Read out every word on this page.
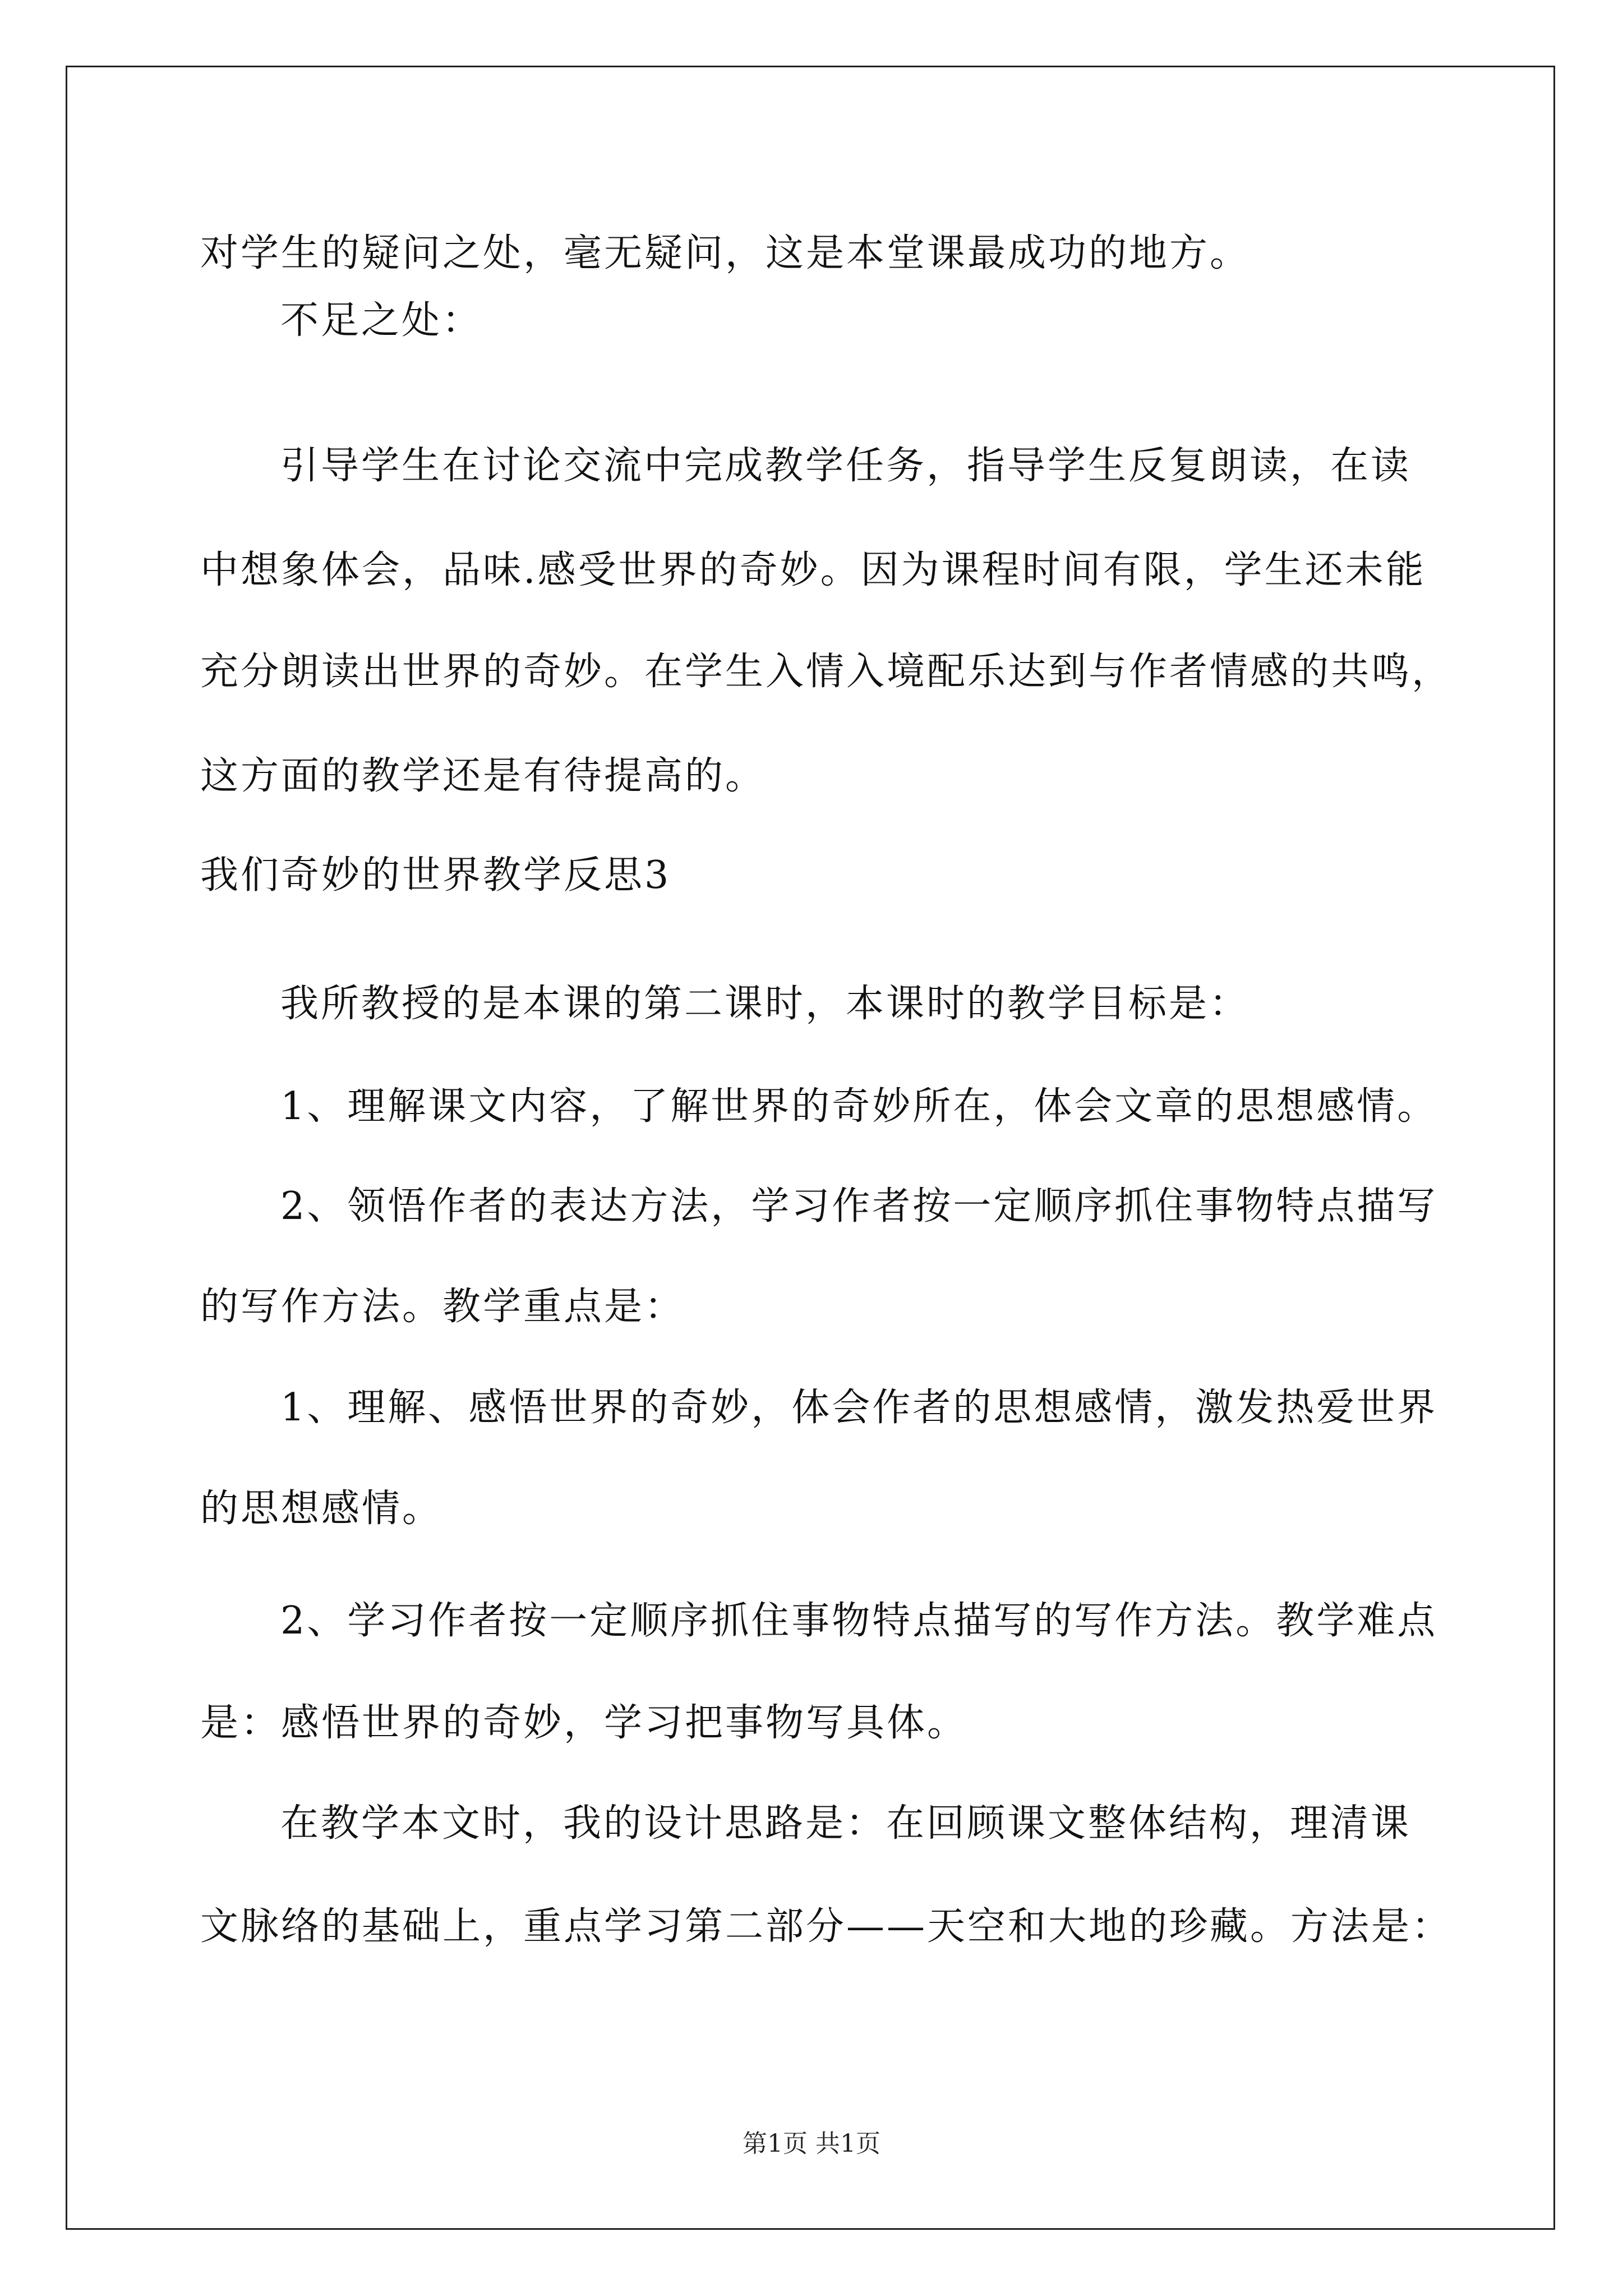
对学生的疑问之处，毫无疑问，这是本堂课最成功的地方。
不足之处：
引导学生在讨论交流中完成教学任务，指导学生反复朗读，在读
中想象体会，品味.感受世界的奇妙。因为课程时间有限，学生还未能
充分朗读出世界的奇妙。在学生入情入境配乐达到与作者情感的共鸣，
这方面的教学还是有待提高的。
我们奇妙的世界教学反思3
我所教授的是本课的第二课时，本课时的教学目标是：
1、理解课文内容，了解世界的奇妙所在，体会文章的思想感情。
2、领悟作者的表达方法，学习作者按一定顺序抓住事物特点描写
的写作方法。教学重点是：
1、理解、感悟世界的奇妙，体会作者的思想感情，激发热爱世界
的思想感情。
2、学习作者按一定顺序抓住事物特点描写的写作方法。教学难点
是：感悟世界的奇妙，学习把事物写具体。
在教学本文时，我的设计思路是：在回顾课文整体结构，理清课
文脉络的基础上，重点学习第二部分——天空和大地的珍藏。方法是：
第1页 共1页
